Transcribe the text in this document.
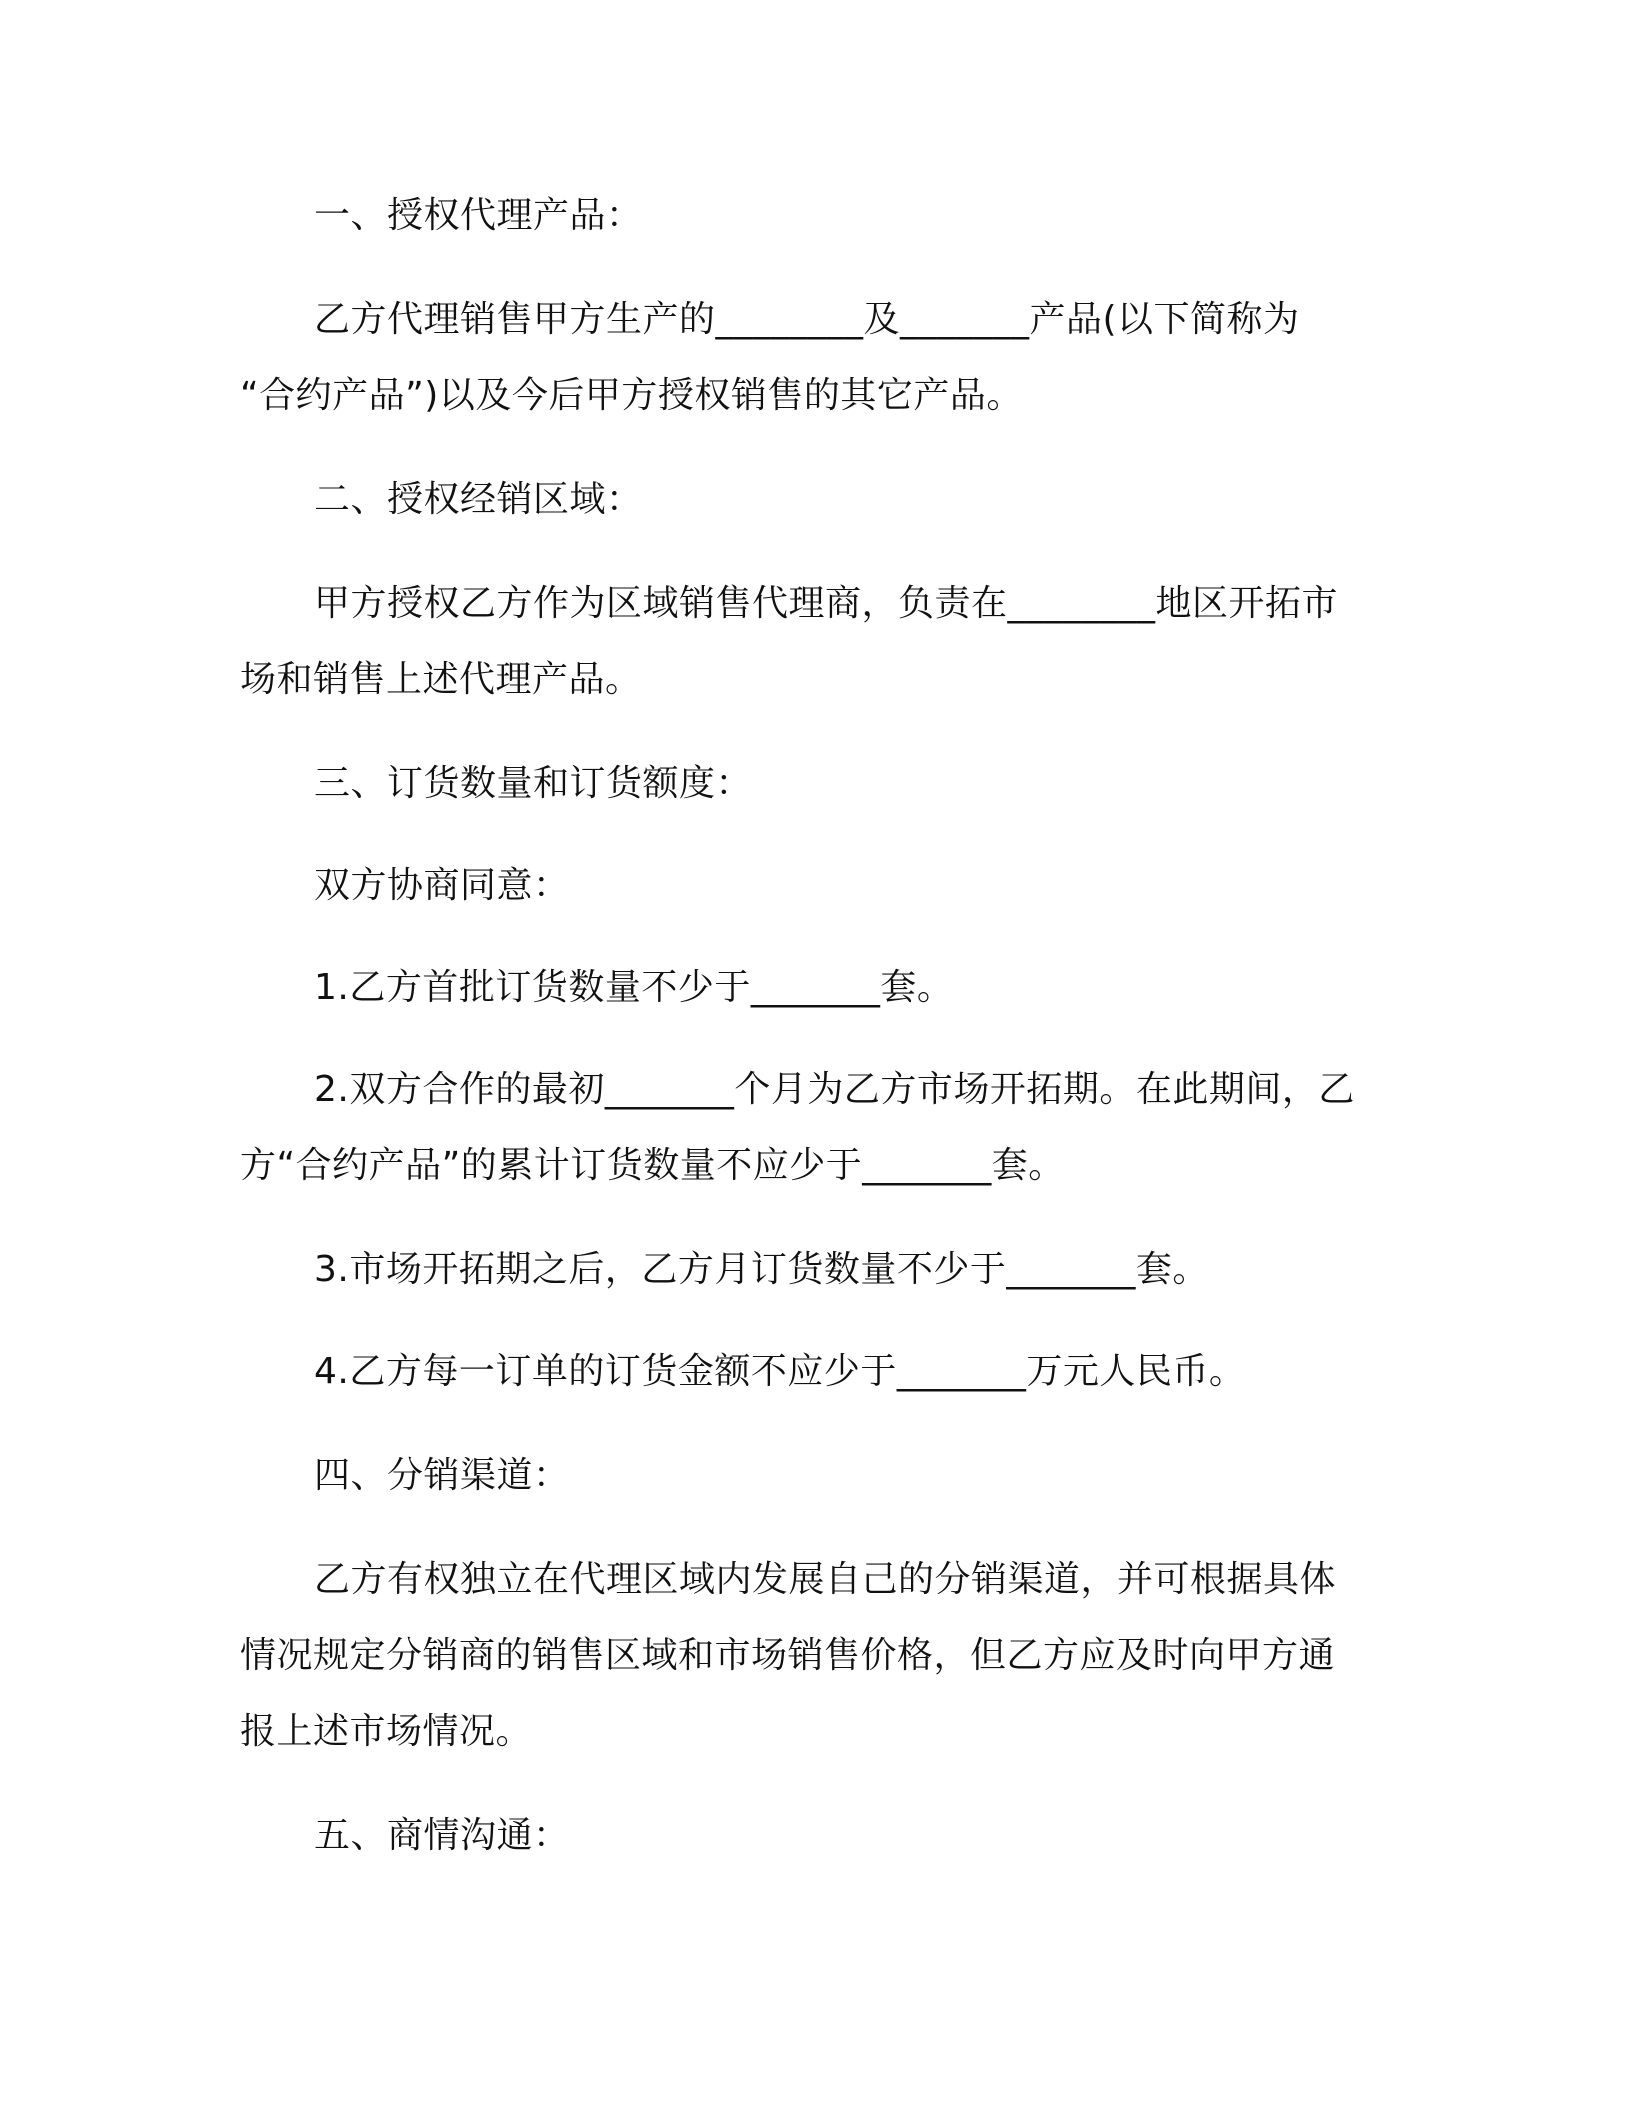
一、授权代理产品：
乙方代理销售甲方生产的________及_______产品(以下简称为
“合约产品”)以及今后甲方授权销售的其它产品。
二、授权经销区域：
甲方授权乙方作为区域销售代理商，负责在________地区开拓市
场和销售上述代理产品。
三、订货数量和订货额度：
双方协商同意：
1.乙方首批订货数量不少于_______套。
2.双方合作的最初_______个月为乙方市场开拓期。在此期间，乙
方“合约产品”的累计订货数量不应少于_______套。
3.市场开拓期之后，乙方月订货数量不少于_______套。
4.乙方每一订单的订货金额不应少于_______万元人民币。
四、分销渠道：
乙方有权独立在代理区域内发展自己的分销渠道，并可根据具体
情况规定分销商的销售区域和市场销售价格，但乙方应及时向甲方通
报上述市场情况。
五、商情沟通：
